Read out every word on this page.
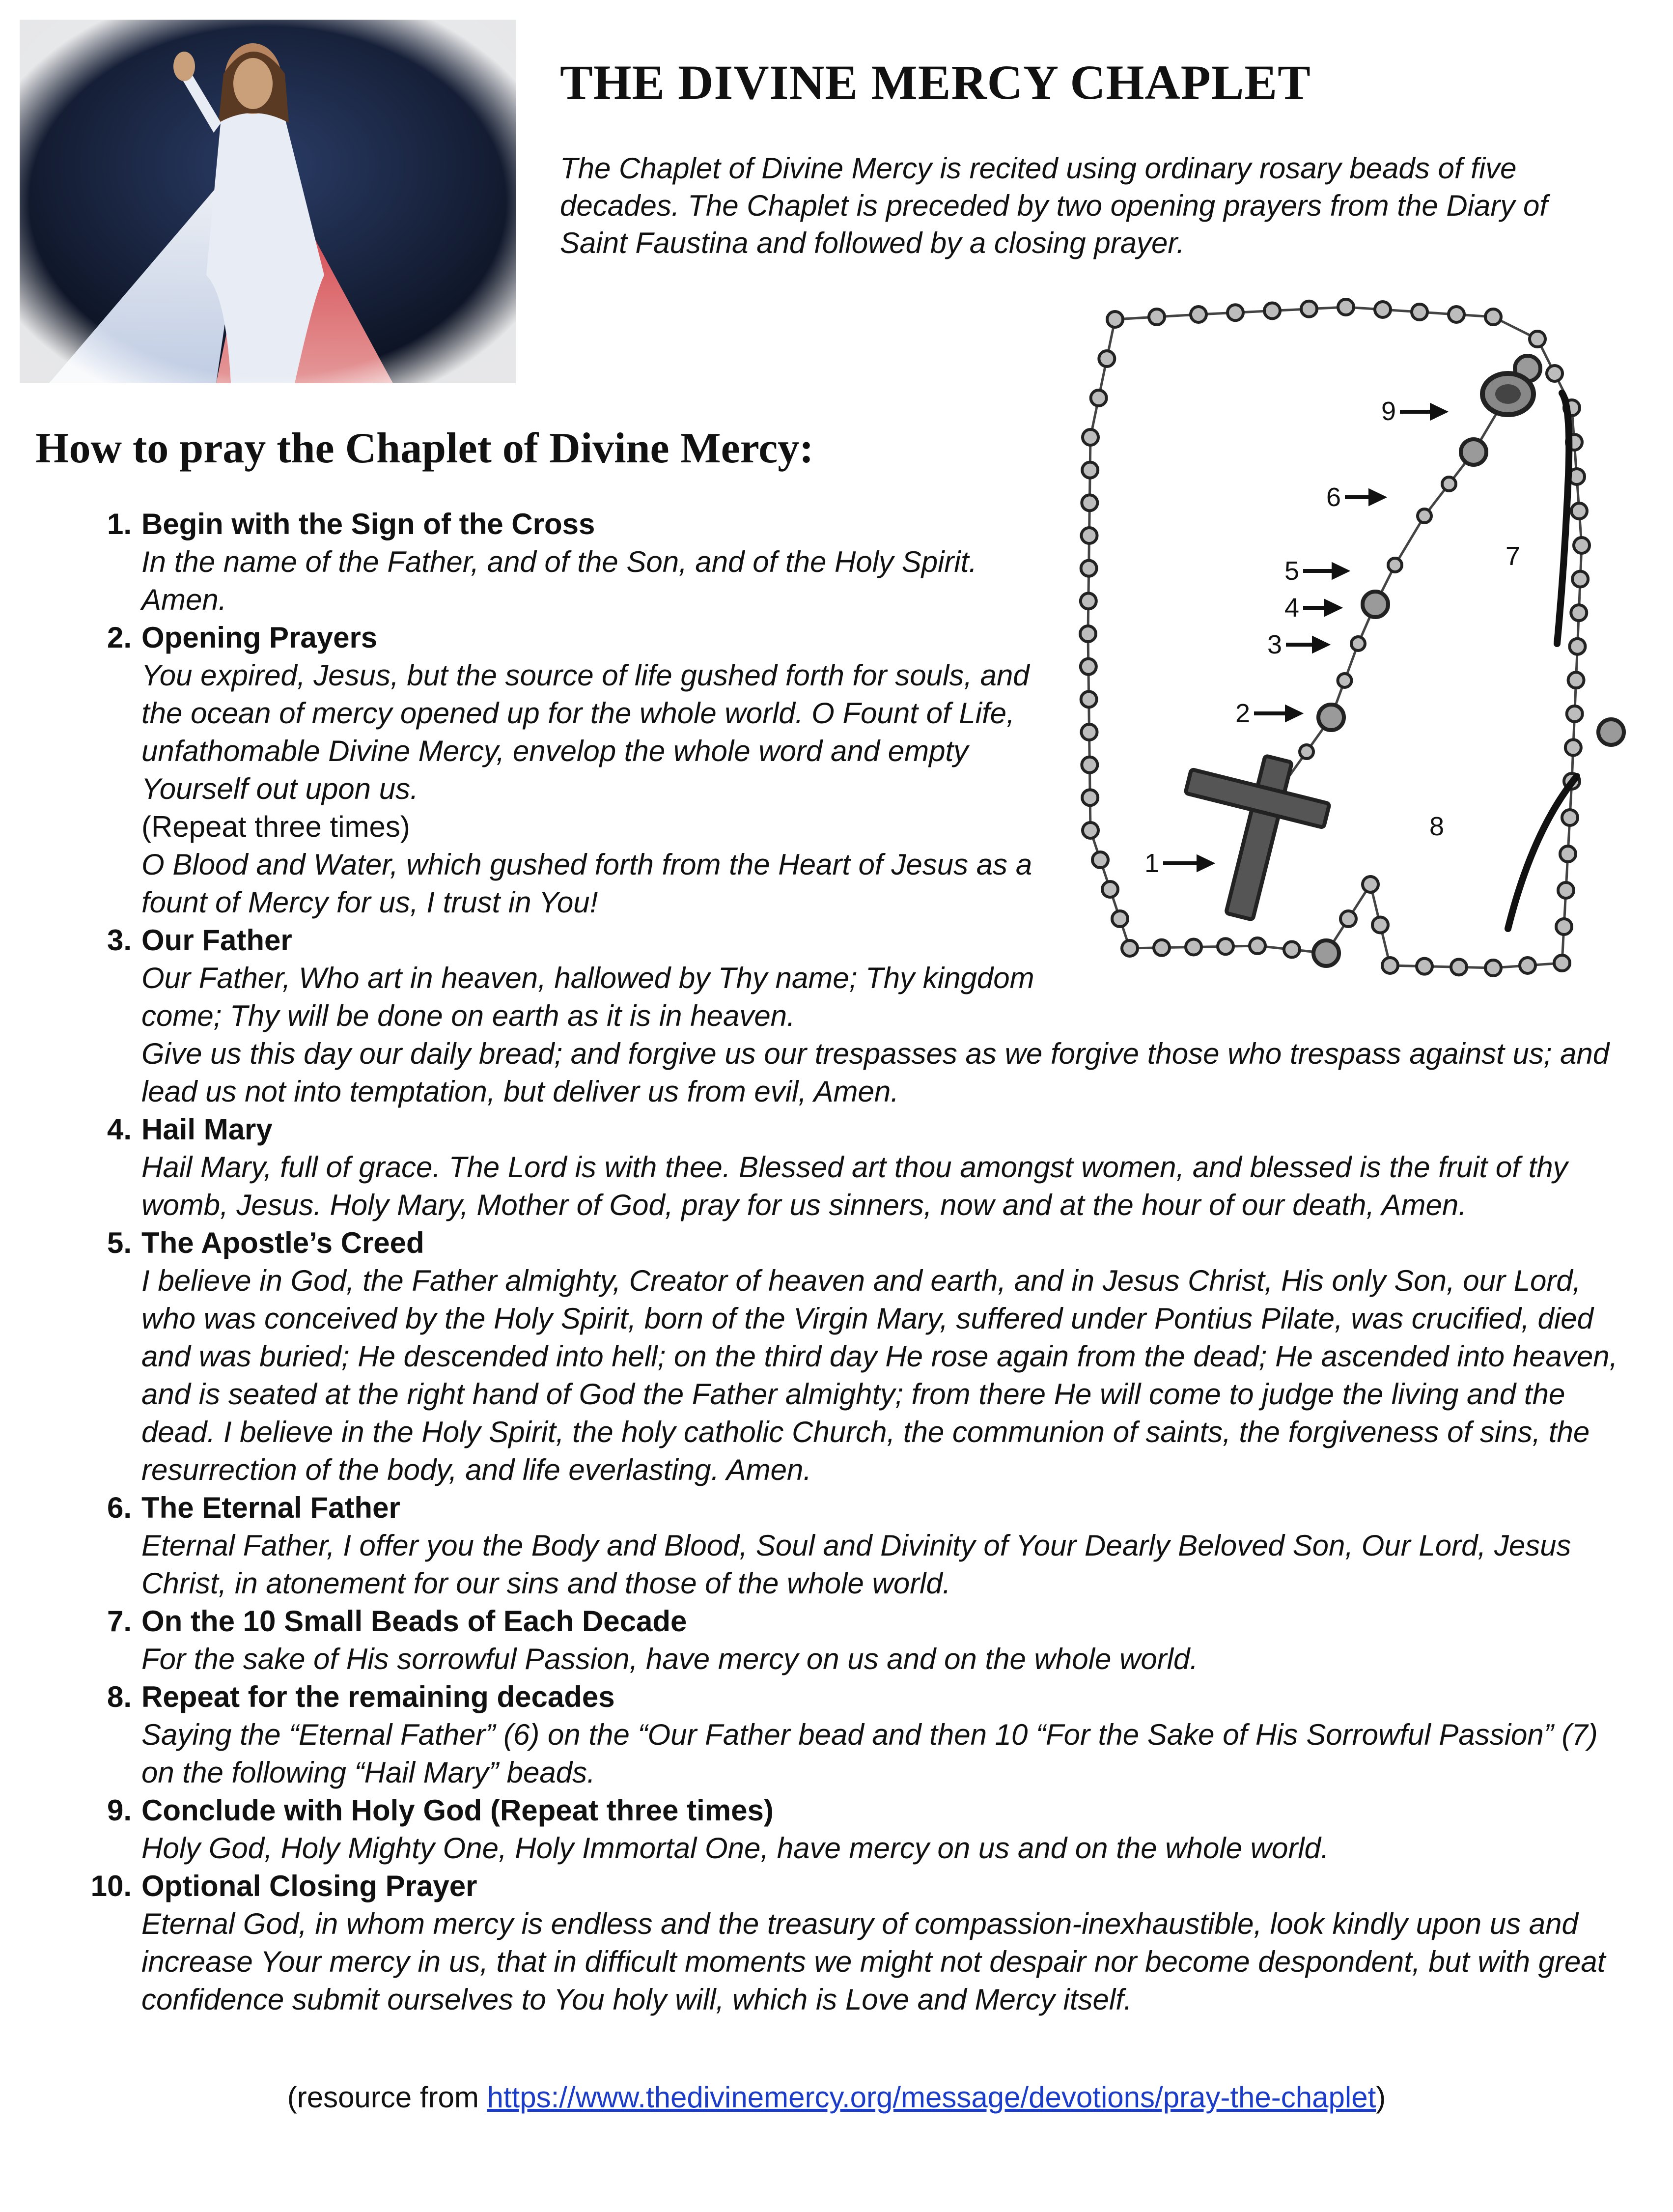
THE DIVINE MERCY CHAPLET

The Chaplet of Divine Mercy is recited using ordinary rosary beads of five decades. The Chaplet is preceded by two opening prayers from the Diary of Saint Faustina and followed by a closing prayer.

9
6
5
4
3
2
1
7
8
How to pray the Chaplet of Divine Mercy:
1. Begin with the Sign of the Cross
In the name of the Father, and of the Son, and of the Holy Spirit. Amen.
2. Opening Prayers
You expired, Jesus, but the source of life gushed forth for souls, and the ocean of mercy opened up for the whole world. O Fount of Life, unfathomable Divine Mercy, envelop the whole word and empty Yourself out upon us.
(Repeat three times)
O Blood and Water, which gushed forth from the Heart of Jesus as a fount of Mercy for us, I trust in You!
3. Our Father
Our Father, Who art in heaven, hallowed by Thy name; Thy kingdom come; Thy will be done on earth as it is in heaven.
Give us this day our daily bread; and forgive us our trespasses as we forgive those who trespass against us; and lead us not into temptation, but deliver us from evil, Amen.
4. Hail Mary
Hail Mary, full of grace. The Lord is with thee. Blessed art thou amongst women, and blessed is the fruit of thy womb, Jesus. Holy Mary, Mother of God, pray for us sinners, now and at the hour of our death, Amen.
5. The Apostle’s Creed
I believe in God, the Father almighty, Creator of heaven and earth, and in Jesus Christ, His only Son, our Lord, who was conceived by the Holy Spirit, born of the Virgin Mary, suffered under Pontius Pilate, was crucified, died and was buried; He descended into hell; on the third day He rose again from the dead; He ascended into heaven, and is seated at the right hand of God the Father almighty; from there He will come to judge the living and the dead. I believe in the Holy Spirit, the holy catholic Church, the communion of saints, the forgiveness of sins, the resurrection of the body, and life everlasting. Amen.
6. The Eternal Father
Eternal Father, I offer you the Body and Blood, Soul and Divinity of Your Dearly Beloved Son, Our Lord, Jesus Christ, in atonement for our sins and those of the whole world.
7. On the 10 Small Beads of Each Decade
For the sake of His sorrowful Passion, have mercy on us and on the whole world.
8. Repeat for the remaining decades
Saying the “Eternal Father” (6) on the “Our Father bead and then 10 “For the Sake of His Sorrowful Passion” (7) on the following “Hail Mary” beads.
9. Conclude with Holy God (Repeat three times)
Holy God, Holy Mighty One, Holy Immortal One, have mercy on us and on the whole world.
10. Optional Closing Prayer
Eternal God, in whom mercy is endless and the treasury of compassion-inexhaustible, look kindly upon us and increase Your mercy in us, that in difficult moments we might not despair nor become despondent, but with great confidence submit ourselves to You holy will, which is Love and Mercy itself.
(resource from https://www.thedivinemercy.org/message/devotions/pray-the-chaplet)
